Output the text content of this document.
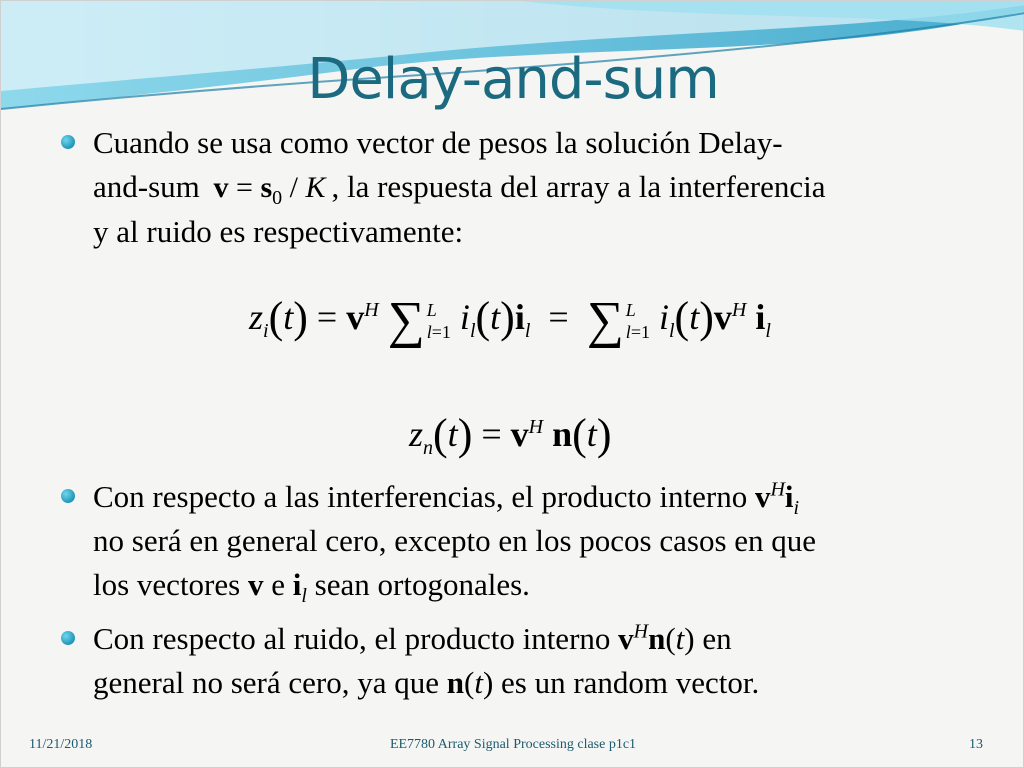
Delay-and-sum
Cuando se usa como vector de pesos la solución Delay-
and-sum $v = s_0 / K$ , la respuesta del array a la interferencia
y al ruido es respectivamente:
$z_i(t) = v^H$ ∑ L
l=1 $i_l(t)i_l$  =  ∑ L
l=1 $i_l(t)v^H$ $i_l$
$z_n(t) = v^H$ n(t)
Con respecto a las interferencias, el producto interno $v^Hi_i$
no será en general cero, excepto en los pocos casos en que
los vectores v e $i_l$ sean ortogonales.
Con respecto al ruido, el producto interno $v^Hn(t)$ en
general no será cero, ya que n(t) es un random vector.
11/21/2018	EE7780 Array Signal Processing clase p1c1	13
